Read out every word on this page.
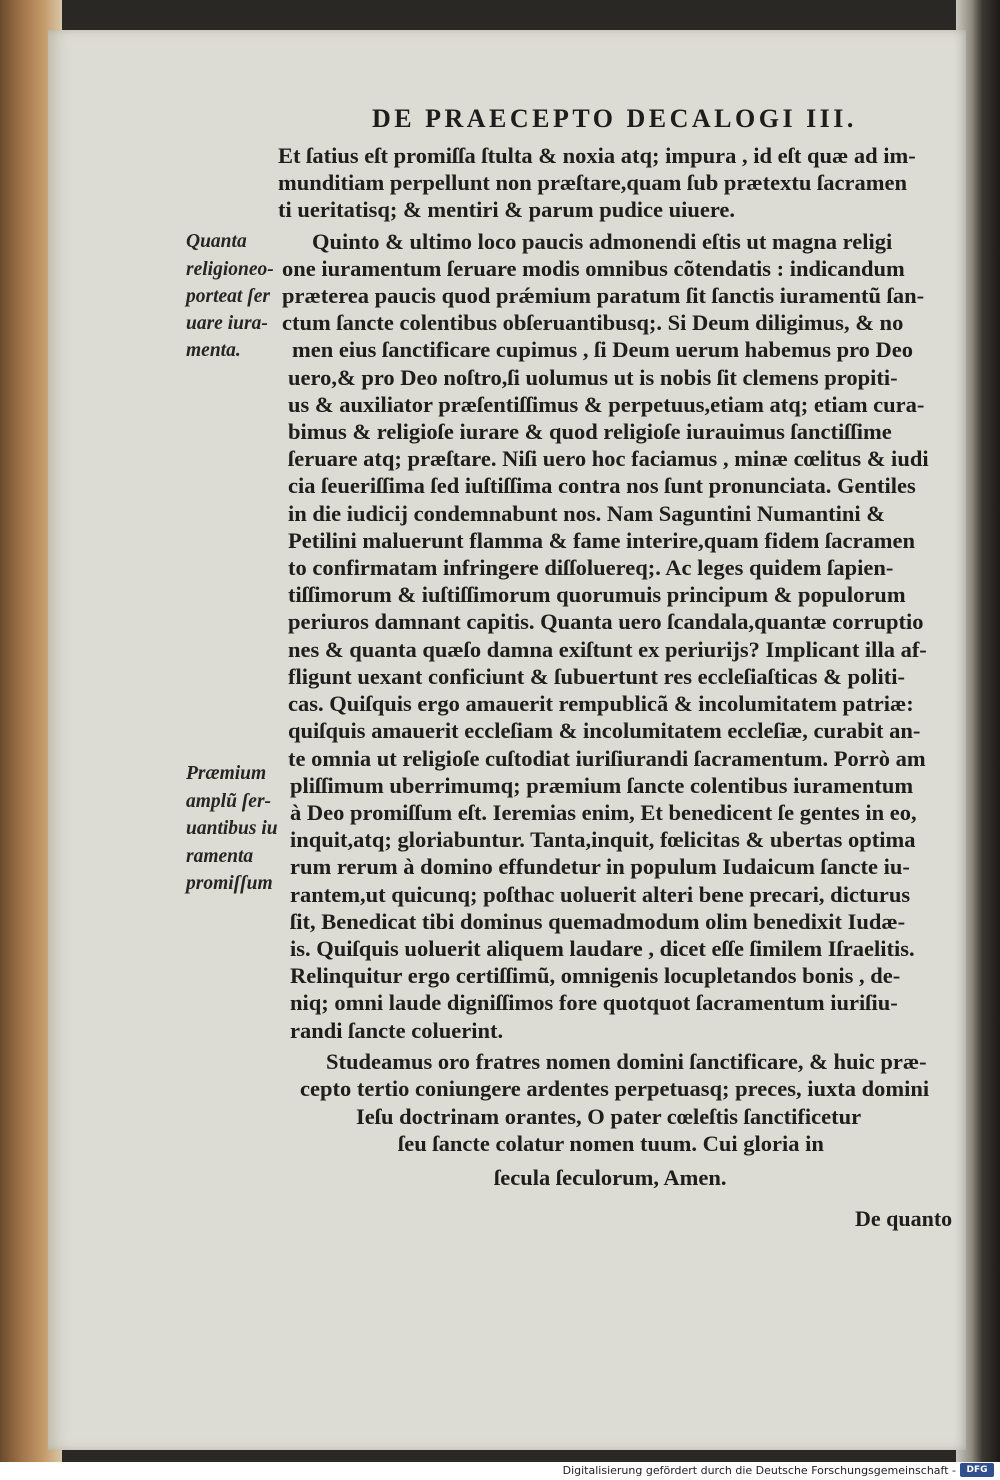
DE PRAECEPTO DECALOGI III.
Et ſatius eſt promiſſa ſtulta & noxia atq; impura , id eſt quæ ad im-
munditiam perpellunt non præſtare,quam ſub prætextu ſacramen
ti ueritatisq; & mentiri & parum pudice uiuere.
Quinto & ultimo loco paucis admonendi eſtis ut magna religi
one iuramentum ſeruare modis omnibus cõtendatis : indicandum
præterea paucis quod prǽmium paratum ſit ſanctis iuramentũ ſan-
ctum ſancte colentibus obſeruantibusq;. Si Deum diligimus, & no
men eius ſanctificare cupimus , ſi Deum uerum habemus pro Deo
uero,& pro Deo noſtro,ſi uolumus ut is nobis ſit clemens propiti-
us & auxiliator præſentiſſimus & perpetuus,etiam atq; etiam cura-
bimus & religioſe iurare & quod religioſe iurauimus ſanctiſſime
ſeruare atq; præſtare. Niſi uero hoc faciamus , minæ cœlitus & iudi
cia ſeueriſſima ſed iuſtiſſima contra nos ſunt pronunciata. Gentiles
in die iudicij condemnabunt nos. Nam Saguntini Numantini &
Petilini maluerunt flamma & fame interire,quam fidem ſacramen
to confirmatam infringere diſſoluereq;. Ac leges quidem ſapien-
tiſſimorum & iuſtiſſimorum quorumuis principum & populorum
periuros damnant capitis. Quanta uero ſcandala,quantæ corruptio
nes & quanta quæſo damna exiſtunt ex periurijs? Implicant illa af-
fligunt uexant conficiunt & ſubuertunt res eccleſiaſticas & politi-
cas. Quiſquis ergo amauerit rempublicã & incolumitatem patriæ:
quiſquis amauerit eccleſiam & incolumitatem eccleſiæ, curabit an-
te omnia ut religioſe cuſtodiat iuriſiurandi ſacramentum. Porrò am
pliſſimum uberrimumq; præmium ſancte colentibus iuramentum
à Deo promiſſum eſt. Ieremias enim, Et benedicent ſe gentes in eo,
inquit,atq; gloriabuntur. Tanta,inquit, fœlicitas & ubertas optima
rum rerum à domino effundetur in populum Iudaicum ſancte iu-
rantem,ut quicunq; poſthac uoluerit alteri bene precari, dicturus
ſit, Benedicat tibi dominus quemadmodum olim benedixit Iudæ-
is. Quiſquis uoluerit aliquem laudare , dicet eſſe ſimilem Iſraelitis.
Relinquitur ergo certiſſimũ, omnigenis locupletandos bonis , de-
niq; omni laude digniſſimos fore quotquot ſacramentum iuriſiu-
randi ſancte coluerint.
Studeamus oro fratres nomen domini ſanctificare, & huic præ-
cepto tertio coniungere ardentes perpetuasq; preces, iuxta domini
Ieſu doctrinam orantes, O pater cœleſtis ſanctificetur
ſeu ſancte colatur nomen tuum. Cui gloria in
ſecula ſeculorum, Amen.
Quanta
religioneo-
porteat ſer
uare iura-
menta.
Præmium
amplũ ſer-
uantibus iu
ramenta
promiſſum
De quanto
Digitalisierung gefördert durch die Deutsche Forschungsgemeinschaft -	DFG
